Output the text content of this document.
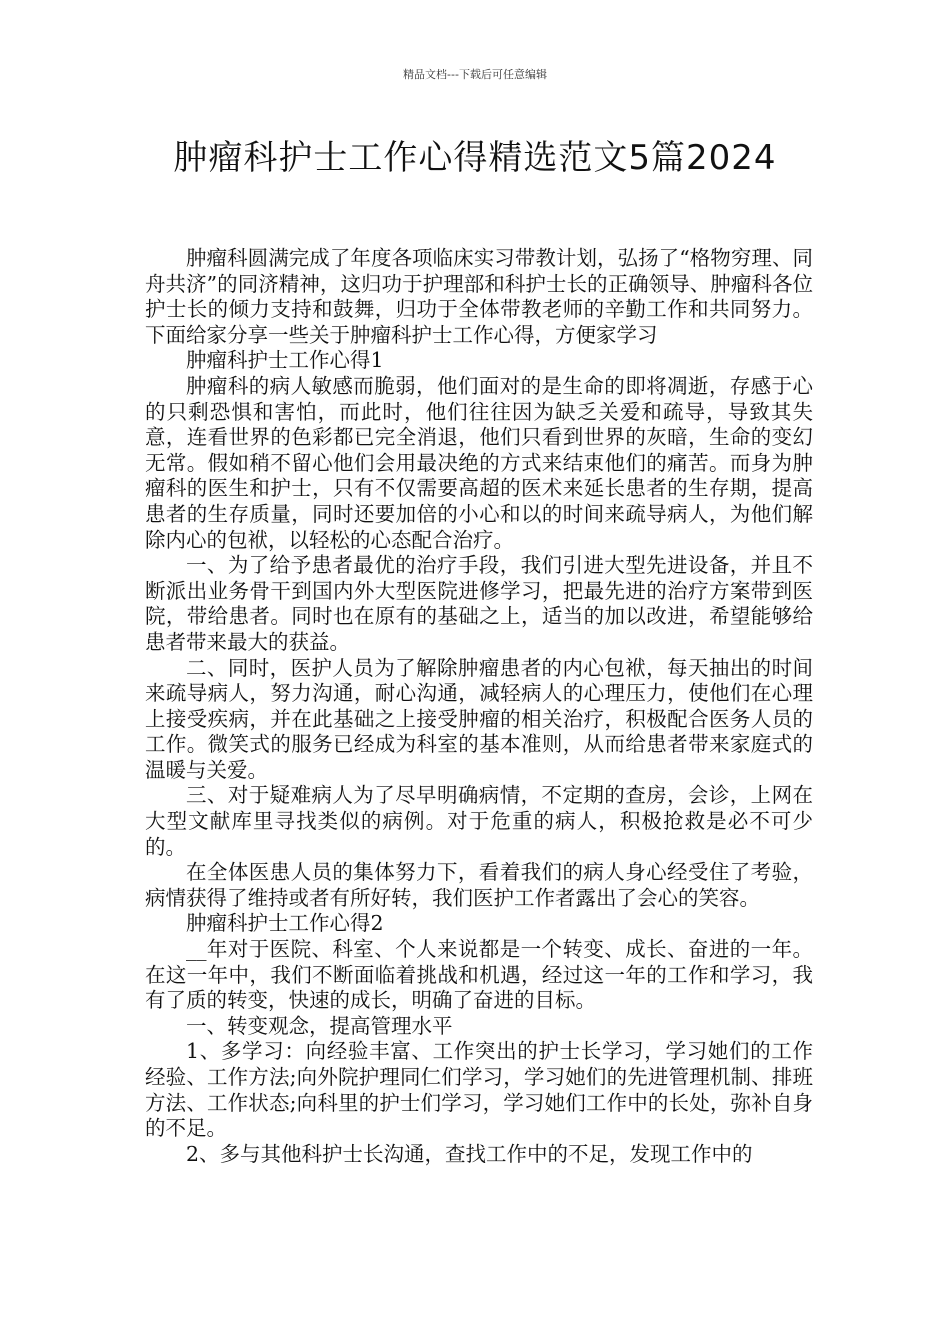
精品文档---下载后可任意编辑
肿瘤科护士工作心得精选范文5篇2024

肿瘤科圆满完成了年度各项临床实习带教计划，弘扬了“格物穷理、同舟共济”的同济精神，这归功于护理部和科护士长的正确领导、肿瘤科各位护士长的倾力支持和鼓舞，归功于全体带教老师的辛勤工作和共同努力。下面给家分享一些关于肿瘤科护士工作心得，方便家学习

肿瘤科护士工作心得1

肿瘤科的病人敏感而脆弱，他们面对的是生命的即将凋逝，存感于心的只剩恐惧和害怕，而此时，他们往往因为缺乏关爱和疏导，导致其失意，连看世界的色彩都已完全消退，他们只看到世界的灰暗，生命的变幻无常。假如稍不留心他们会用最决绝的方式来结束他们的痛苦。而身为肿瘤科的医生和护士，只有不仅需要高超的医术来延长患者的生存期，提高患者的生存质量，同时还要加倍的小心和以的时间来疏导病人，为他们解除内心的包袱，以轻松的心态配合治疗。

一、为了给予患者最优的治疗手段，我们引进大型先进设备，并且不断派出业务骨干到国内外大型医院进修学习，把最先进的治疗方案带到医院，带给患者。同时也在原有的基础之上，适当的加以改进，希望能够给患者带来最大的获益。

二、同时，医护人员为了解除肿瘤患者的内心包袱，每天抽出的时间来疏导病人，努力沟通，耐心沟通，减轻病人的心理压力，使他们在心理上接受疾病，并在此基础之上接受肿瘤的相关治疗，积极配合医务人员的工作。微笑式的服务已经成为科室的基本准则，从而给患者带来家庭式的温暖与关爱。

三、对于疑难病人为了尽早明确病情，不定期的查房，会诊，上网在大型文献库里寻找类似的病例。对于危重的病人，积极抢救是必不可少的。

在全体医患人员的集体努力下，看着我们的病人身心经受住了考验，病情获得了维持或者有所好转，我们医护工作者露出了会心的笑容。

肿瘤科护士工作心得2

__年对于医院、科室、个人来说都是一个转变、成长、奋进的一年。在这一年中，我们不断面临着挑战和机遇，经过这一年的工作和学习，我有了质的转变，快速的成长，明确了奋进的目标。

一、转变观念，提高管理水平

1、多学习：向经验丰富、工作突出的护士长学习，学习她们的工作经验、工作方法;向外院护理同仁们学习，学习她们的先进管理机制、排班方法、工作状态;向科里的护士们学习，学习她们工作中的长处，弥补自身的不足。

2、多与其他科护士长沟通，查找工作中的不足，发现工作中的
